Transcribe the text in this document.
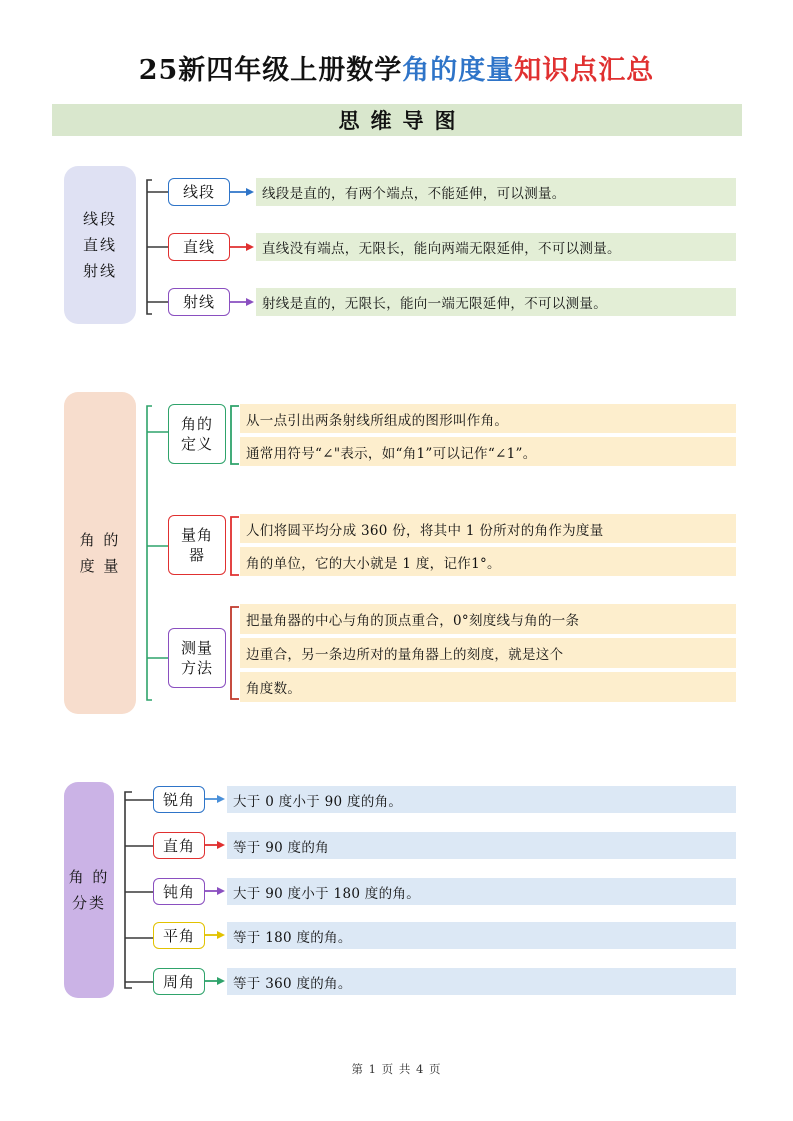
25新四年级上册数学角的度量知识点汇总
思维导图
线段
直线
射线
线段	线段是直的，有两个端点，不能延伸，可以测量。
直线	直线没有端点，无限长，能向两端无限延伸，不可以测量。
射线	射线是直的，无限长，能向一端无限延伸，不可以测量。
角 的
度 量
角的
定义
从一点引出两条射线所组成的图形叫作角。
通常用符号“∠"表示，如“角1”可以记作“∠1”。
量角
器
人们将圆平均分成 360 份，将其中 1 份所对的角作为度量
角的单位，它的大小就是 1 度，记作1°。
测量
方法
把量角器的中心与角的顶点重合，0°刻度线与角的一条
边重合，另一条边所对的量角器上的刻度，就是这个
角度数。
角 的
分类
锐角	大于 0 度小于 90 度的角。
直角	等于 90 度的角
钝角	大于 90 度小于 180 度的角。
平角	等于 180 度的角。
周角	等于 360 度的角。
第 1 页 共 4 页
